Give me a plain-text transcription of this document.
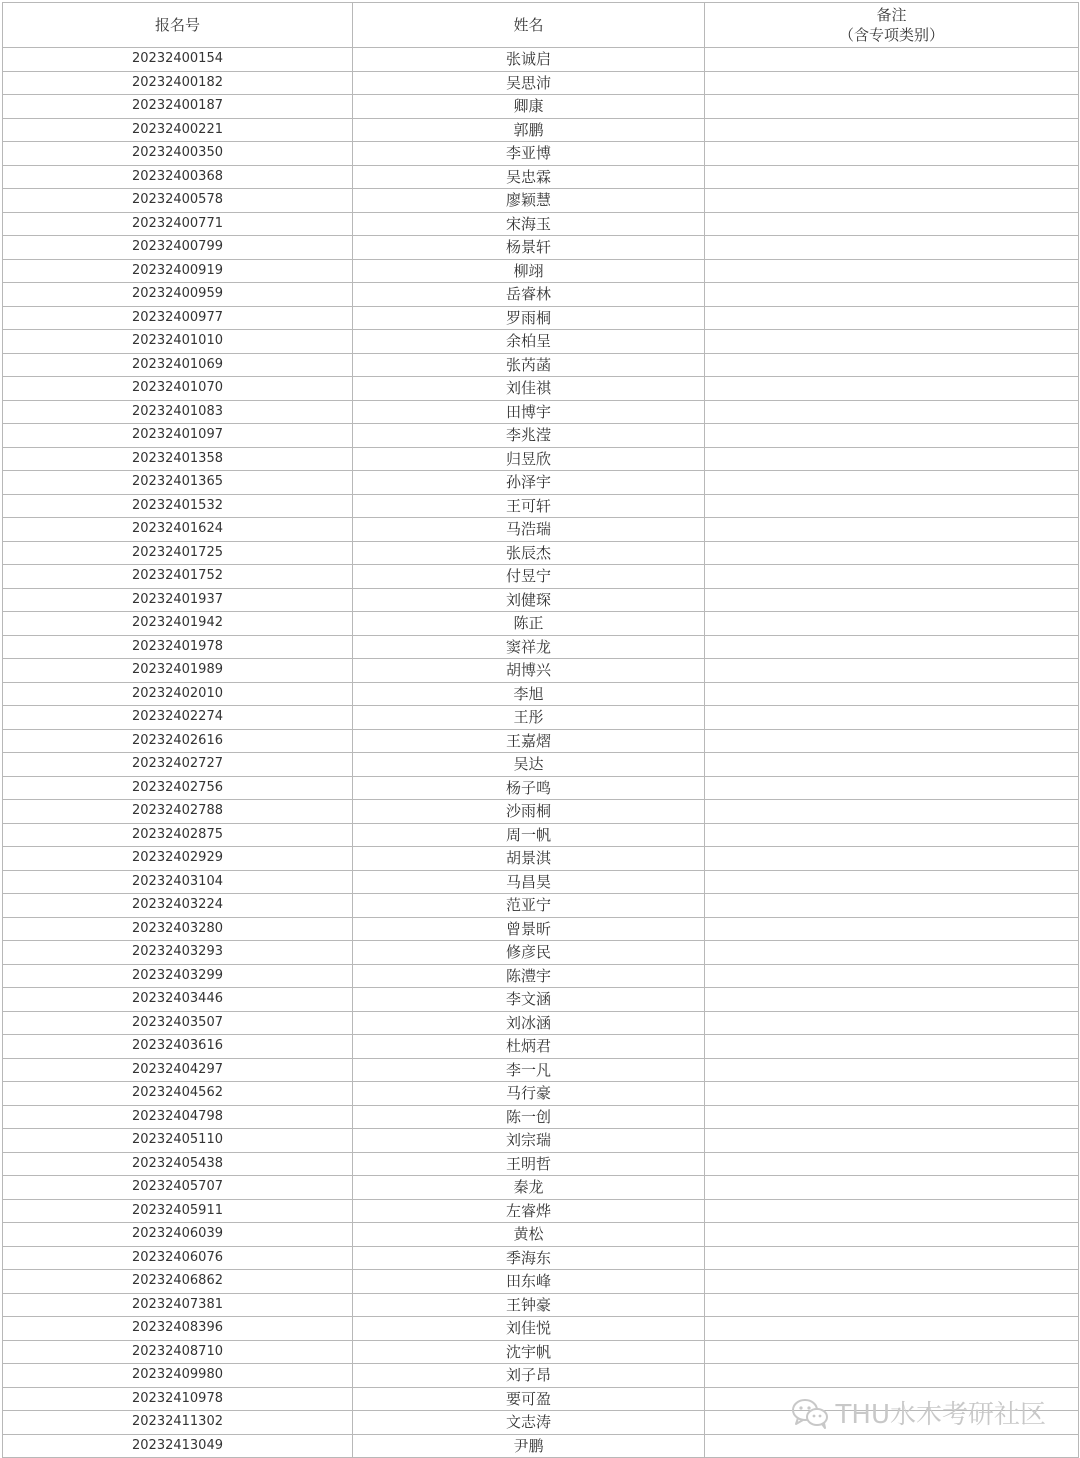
报名号	姓名	备注
（含专项类别）

20232400154	张诚启	
20232400182	吴思沛	
20232400187	卿康	
20232400221	郭鹏	
20232400350	李亚博	
20232400368	吴忠霖	
20232400578	廖颖慧	
20232400771	宋海玉	
20232400799	杨景轩	
20232400919	柳翊	
20232400959	岳睿林	
20232400977	罗雨桐	
20232401010	余柏呈	
20232401069	张芮菡	
20232401070	刘佳祺	
20232401083	田博宇	
20232401097	李兆滢	
20232401358	归昱欣	
20232401365	孙泽宇	
20232401532	王可轩	
20232401624	马浩瑞	
20232401725	张辰杰	
20232401752	付昱宁	
20232401937	刘健琛	
20232401942	陈正	
20232401978	窦祥龙	
20232401989	胡博兴	
20232402010	李旭	
20232402274	王彤	
20232402616	王嘉熠	
20232402727	吴达	
20232402756	杨子鸣	
20232402788	沙雨桐	
20232402875	周一帆	
20232402929	胡景淇	
20232403104	马昌昊	
20232403224	范亚宁	
20232403280	曾景昕	
20232403293	修彦民	
20232403299	陈澧宇	
20232403446	李文涵	
20232403507	刘冰涵	
20232403616	杜炳君	
20232404297	李一凡	
20232404562	马行豪	
20232404798	陈一创	
20232405110	刘宗瑞	
20232405438	王明哲	
20232405707	秦龙	
20232405911	左睿烨	
20232406039	黄松	
20232406076	季海东	
20232406862	田东峰	
20232407381	王钟豪	
20232408396	刘佳悦	
20232408710	沈宇帆	
20232409980	刘子昂	
20232410978	要可盈	
20232411302	文志涛	
20232413049	尹鹏	
THU水木考研社区
